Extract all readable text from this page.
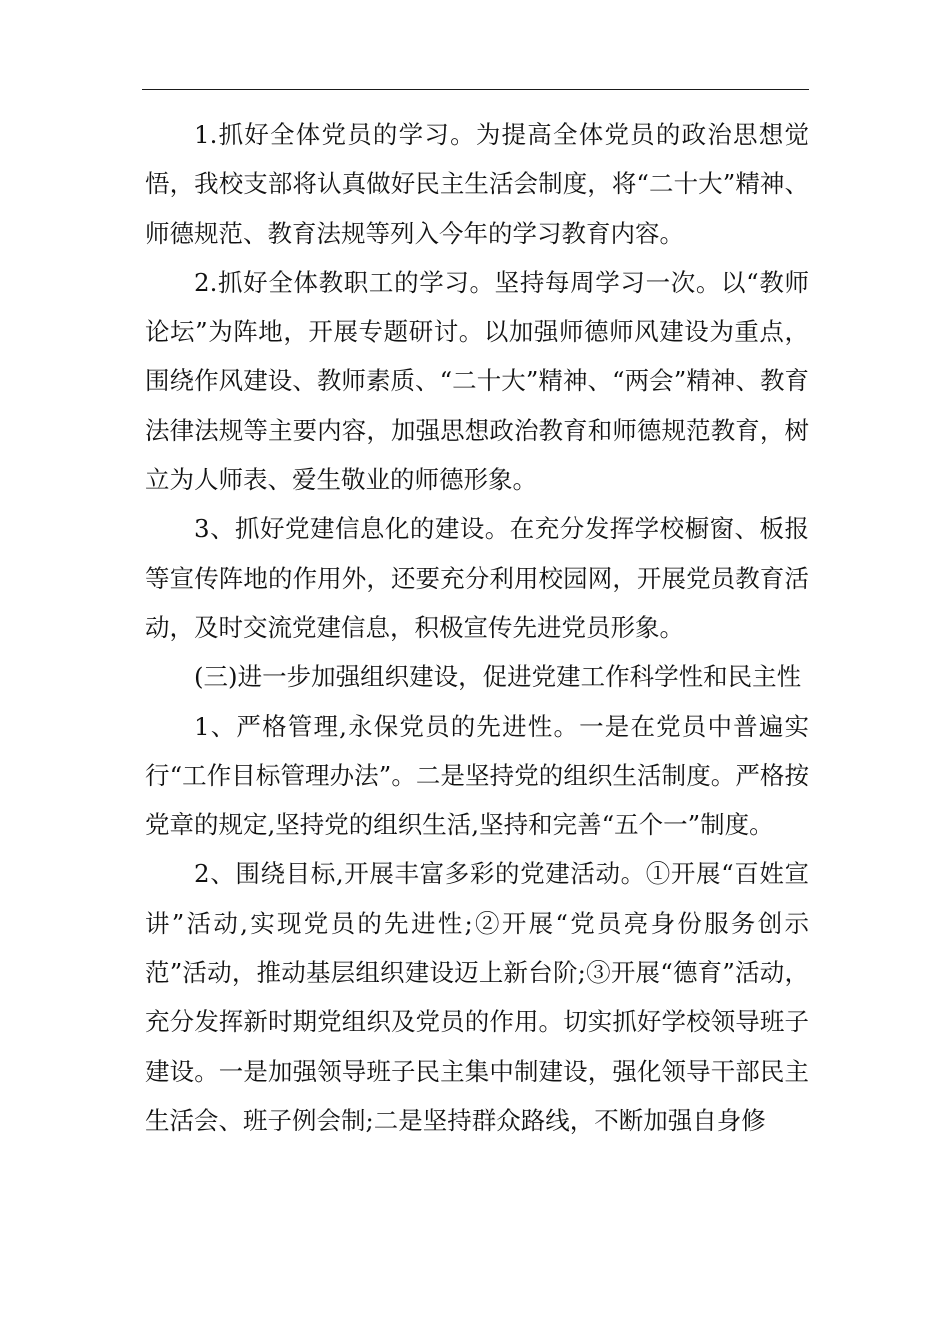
1.抓好全体党员的学习。为提高全体党员的政治思想觉悟，我校支部将认真做好民主生活会制度，将“二十大”精神、师德规范、教育法规等列入今年的学习教育内容。

2.抓好全体教职工的学习。坚持每周学习一次。以“教师论坛”为阵地，开展专题研讨。以加强师德师风建设为重点，围绕作风建设、教师素质、“二十大”精神、“两会”精神、教育法律法规等主要内容，加强思想政治教育和师德规范教育，树立为人师表、爱生敬业的师德形象。

3、抓好党建信息化的建设。在充分发挥学校橱窗、板报等宣传阵地的作用外，还要充分利用校园网，开展党员教育活动，及时交流党建信息，积极宣传先进党员形象。

(三)进一步加强组织建设，促进党建工作科学性和民主性

1、严格管理,永保党员的先进性。一是在党员中普遍实行“工作目标管理办法”。二是坚持党的组织生活制度。严格按党章的规定,坚持党的组织生活,坚持和完善“五个一”制度。

2、围绕目标,开展丰富多彩的党建活动。①开展“百姓宣讲”活动,实现党员的先进性;②开展“党员亮身份服务创示范”活动，推动基层组织建设迈上新台阶;③开展“德育”活动，充分发挥新时期党组织及党员的作用。切实抓好学校领导班子建设。一是加强领导班子民主集中制建设，强化领导干部民主生活会、班子例会制;二是坚持群众路线，不断加强自身修
